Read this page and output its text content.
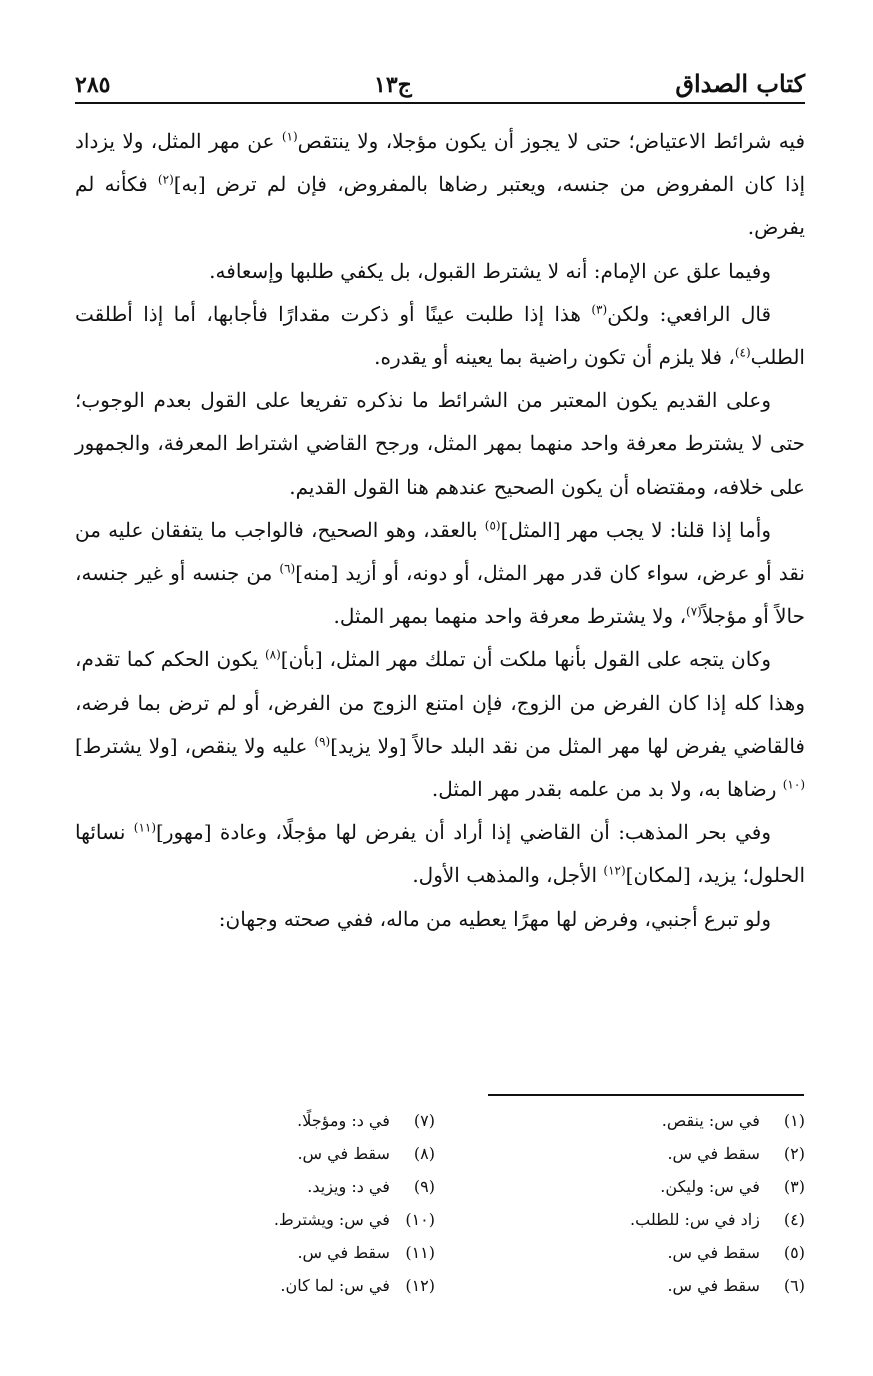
كتاب الصداق
ج١٣
٢٨٥

فيه شرائط الاعتياض؛ حتى لا يجوز أن يكون مؤجلا، ولا ينتقص$^{(١)}$ عن مهر المثل، ولا يزداد إذا كان المفروض من جنسه، ويعتبر رضاها بالمفروض، فإن لم ترض [به]$^{(٢)}$ فكأنه لم يفرض.

وفيما علق عن الإمام: أنه لا يشترط القبول، بل يكفي طلبها وإسعافه.

قال الرافعي: ولكن$^{(٣)}$ هذا إذا طلبت عينًا أو ذكرت مقدارًا فأجابها، أما إذا أطلقت الطلب$^{(٤)}$، فلا يلزم أن تكون راضية بما يعينه أو يقدره.

وعلى القديم يكون المعتبر من الشرائط ما نذكره تفريعا على القول بعدم الوجوب؛ حتى لا يشترط معرفة واحد منهما بمهر المثل، ورجح القاضي اشتراط المعرفة، والجمهور على خلافه، ومقتضاه أن يكون الصحيح عندهم هنا القول القديم.

وأما إذا قلنا: لا يجب مهر [المثل]$^{(٥)}$ بالعقد، وهو الصحيح، فالواجب ما يتفقان عليه من نقد أو عرض، سواء كان قدر مهر المثل، أو دونه، أو أزيد [منه]$^{(٦)}$ من جنسه أو غير جنسه، حالاً أو مؤجلاً$^{(٧)}$، ولا يشترط معرفة واحد منهما بمهر المثل.

وكان يتجه على القول بأنها ملكت أن تملك مهر المثل، [بأن]$^{(٨)}$ يكون الحكم كما تقدم، وهذا كله إذا كان الفرض من الزوج، فإن امتنع الزوج من الفرض، أو لم ترض بما فرضه، فالقاضي يفرض لها مهر المثل من نقد البلد حالاً [ولا يزيد]$^{(٩)}$ عليه ولا ينقص، [ولا يشترط]$^{(١٠)}$ رضاها به، ولا بد من علمه بقدر مهر المثل.

وفي بحر المذهب: أن القاضي إذا أراد أن يفرض لها مؤجلًا، وعادة [مهور]$^{(١١)}$ نسائها الحلول؛ يزيد، [لمكان]$^{(١٢)}$ الأجل، والمذهب الأول.

ولو تبرع أجنبي، وفرض لها مهرًا يعطيه من ماله، ففي صحته وجهان:

(١) في س: ينقص.
(٢) سقط في س.
(٣) في س: وليكن.
(٤) زاد في س: للطلب.
(٥) سقط في س.
(٦) سقط في س.
(٧) في د: ومؤجلًا.
(٨) سقط في س.
(٩) في د: ويزيد.
(١٠) في س: ويشترط.
(١١) سقط في س.
(١٢) في س: لما كان.
